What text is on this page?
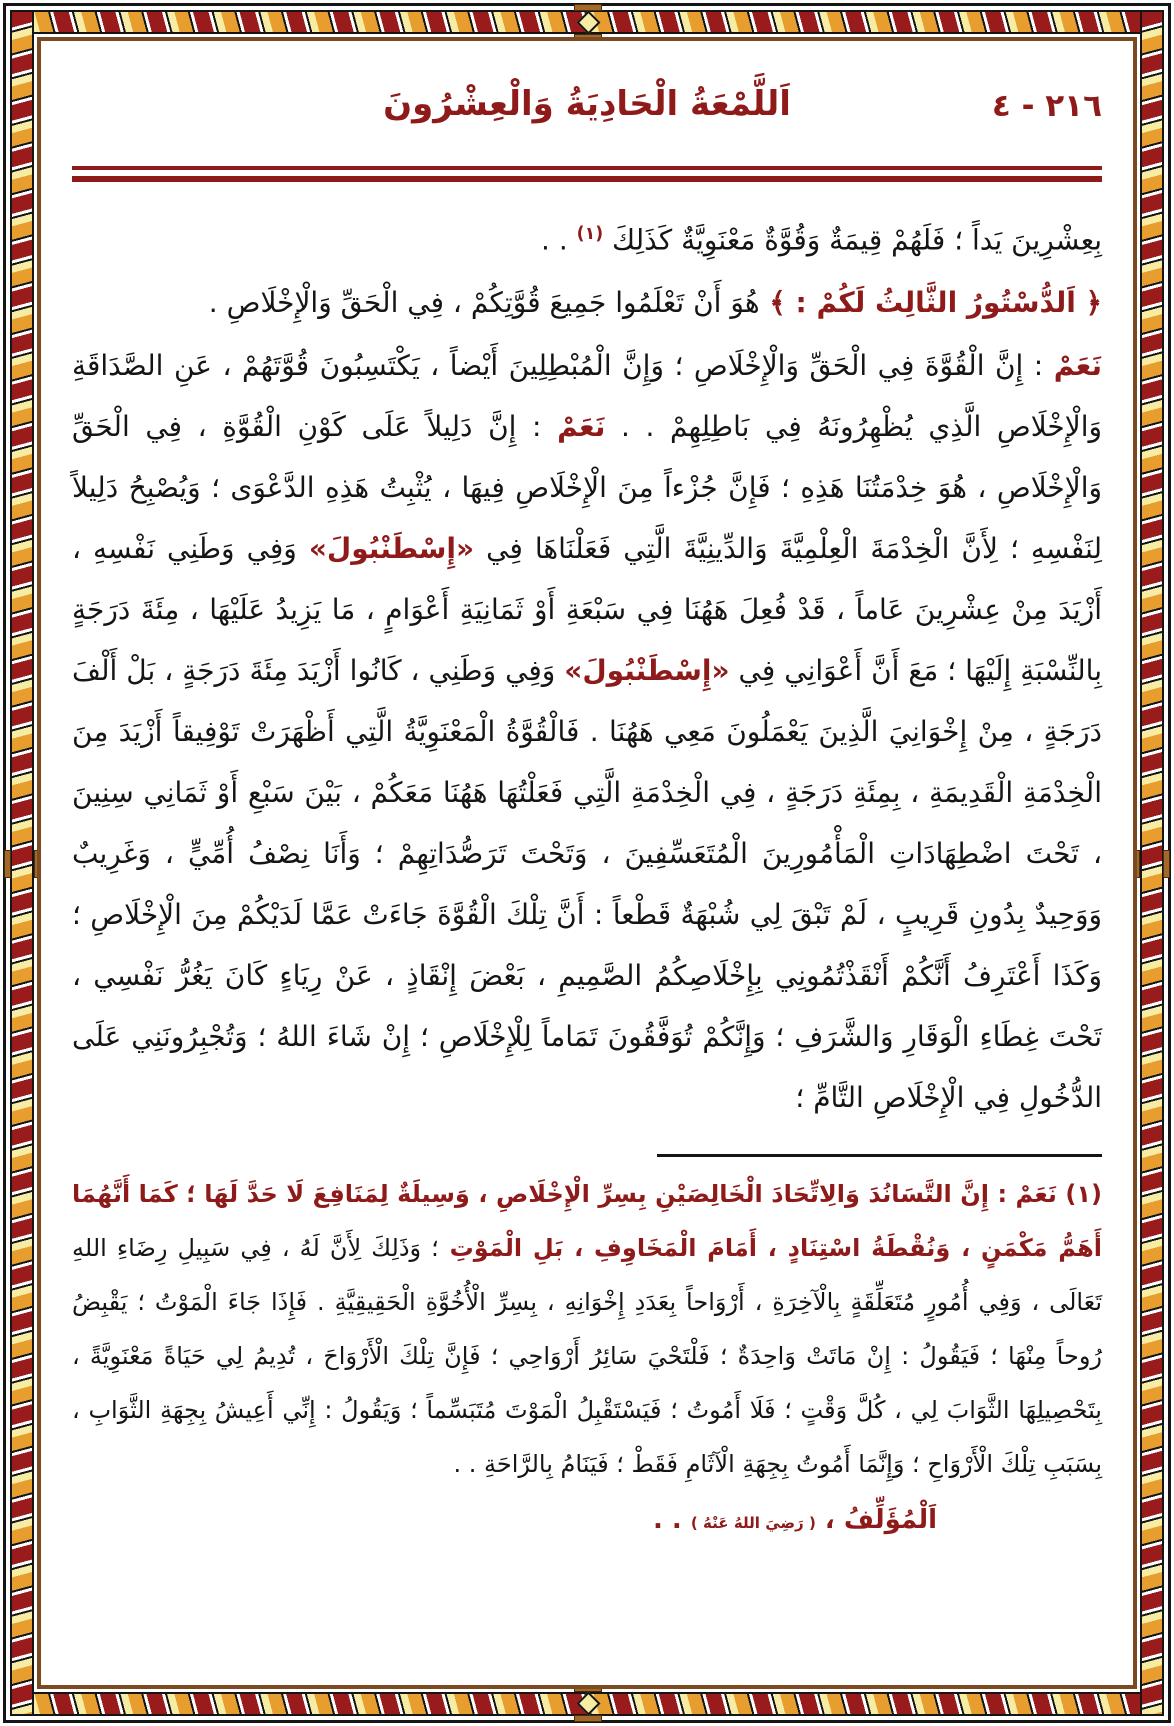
٢١٦ - ٤
اَللَّمْعَةُ الْحَادِيَةُ وَالْعِشْرُونَ
بِعِشْرِينَ يَداً ؛ فَلَهُمْ قِيمَةٌ وَقُوَّةٌ مَعْنَوِيَّةٌ كَذَلِكَ $^{(١)}$ . .
﴿ اَلدُّسْتُورُ الثَّالِثُ لَكُمْ : ﴾ هُوَ أَنْ تَعْلَمُوا جَمِيعَ قُوَّتِكُمْ ، فِي الْحَقِّ وَالْإِخْلَاصِ .
نَعَمْ : إِنَّ الْقُوَّةَ فِي الْحَقِّ وَالْإِخْلَاصِ ؛ وَإِنَّ الْمُبْطِلِينَ أَيْضاً ، يَكْتَسِبُونَ قُوَّتَهُمْ ، عَنِ الصَّدَاقَةِ وَالْإِخْلَاصِ الَّذِي يُظْهِرُونَهُ فِي بَاطِلِهِمْ . . نَعَمْ : إِنَّ دَلِيلاً عَلَى كَوْنِ الْقُوَّةِ ، فِي الْحَقِّ وَالْإِخْلَاصِ ، هُوَ خِدْمَتُنَا هَذِهِ ؛ فَإِنَّ جُزْءاً مِنَ الْإِخْلَاصِ فِيهَا ، يُثْبِتُ هَذِهِ الدَّعْوَى ؛ وَيُصْبِحُ دَلِيلاً لِنَفْسِهِ ؛ لِأَنَّ الْخِدْمَةَ الْعِلْمِيَّةَ وَالدِّينِيَّةَ الَّتِي فَعَلْنَاهَا فِي «إِسْطَنْبُولَ» وَفِي وَطَنِي نَفْسِهِ ، أَزْيَدَ مِنْ عِشْرِينَ عَاماً ، قَدْ فُعِلَ هَهُنَا فِي سَبْعَةِ أَوْ ثَمَانِيَةِ أَعْوَامٍ ، مَا يَزِيدُ عَلَيْهَا ، مِئَةَ دَرَجَةٍ بِالنِّسْبَةِ إِلَيْهَا ؛ مَعَ أَنَّ أَعْوَانِي فِي «إِسْطَنْبُولَ» وَفِي وَطَنِي ، كَانُوا أَزْيَدَ مِئَةَ دَرَجَةٍ ، بَلْ أَلْفَ دَرَجَةٍ ، مِنْ إِخْوَانِيَ الَّذِينَ يَعْمَلُونَ مَعِي هَهُنَا . فَالْقُوَّةُ الْمَعْنَوِيَّةُ الَّتِي أَظْهَرَتْ تَوْفِيقاً أَزْيَدَ مِنَ الْخِدْمَةِ الْقَدِيمَةِ ، بِمِئَةِ دَرَجَةٍ ، فِي الْخِدْمَةِ الَّتِي فَعَلْتُهَا هَهُنَا مَعَكُمْ ، بَيْنَ سَبْعِ أَوْ ثَمَانِي سِنِينَ ، تَحْتَ اضْطِهَادَاتِ الْمَأْمُورِينَ الْمُتَعَسِّفِينَ ، وَتَحْتَ تَرَصُّدَاتِهِمْ ؛ وَأَنَا نِصْفُ أُمِّيٍّ ، وَغَرِيبٌ وَوَحِيدٌ بِدُونِ قَرِيبٍ ، لَمْ تَبْقَ لِي شُبْهَةٌ قَطْعاً : أَنَّ تِلْكَ الْقُوَّةَ جَاءَتْ عَمَّا لَدَيْكُمْ مِنَ الْإِخْلَاصِ ؛ وَكَذَا أَعْتَرِفُ أَنَّكُمْ أَنْقَذْتُمُونِي بِإِخْلَاصِكُمُ الصَّمِيمِ ، بَعْضَ إِنْقَاذٍ ، عَنْ رِيَاءٍ كَانَ يَغُرُّ نَفْسِي ، تَحْتَ غِطَاءِ الْوَقَارِ وَالشَّرَفِ ؛ وَإِنَّكُمْ تُوَفَّقُونَ تَمَاماً لِلْإِخْلَاصِ ؛ إِنْ شَاءَ اللهُ ؛ وَتُجْبِرُونَنِي عَلَى الدُّخُولِ فِي الْإِخْلَاصِ التَّامِّ ؛
(١) نَعَمْ : إِنَّ التَّسَانُدَ وَالِاتِّحَادَ الْخَالِصَيْنِ بِسِرِّ الْإِخْلَاصِ ، وَسِيلَةٌ لِمَنَافِعَ لَا حَدَّ لَهَا ؛ كَمَا أَنَّهُمَا أَهَمُّ مَكْمَنٍ ، وَنُقْطَةُ اسْتِنَادٍ ، أَمَامَ الْمَخَاوِفِ ، بَلِ الْمَوْتِ ؛ وَذَلِكَ لِأَنَّ لَهُ ، فِي سَبِيلِ رِضَاءِ اللهِ تَعَالَى ، وَفِي أُمُورٍ مُتَعَلِّقَةٍ بِالْآخِرَةِ ، أَرْوَاحاً بِعَدَدِ إِخْوَانِهِ ، بِسِرِّ الْأُخُوَّةِ الْحَقِيقِيَّةِ . فَإِذَا جَاءَ الْمَوْتُ ؛ يَقْبِضُ رُوحاً مِنْهَا ؛ فَيَقُولُ : إِنْ مَاتَتْ وَاحِدَةٌ ؛ فَلْتَحْيَ سَائِرُ أَرْوَاحِي ؛ فَإِنَّ تِلْكَ الْأَرْوَاحَ ، تُدِيمُ لِي حَيَاةً مَعْنَوِيَّةً ، بِتَحْصِيلِهَا الثَّوَابَ لِي ، كُلَّ وَقْتٍ ؛ فَلَا أَمُوتُ ؛ فَيَسْتَقْبِلُ الْمَوْتَ مُتَبَسِّماً ؛ وَيَقُولُ : إِنِّي أَعِيشُ بِجِهَةِ الثَّوَابِ ، بِسَبَبِ تِلْكَ الْأَرْوَاحِ ؛ وَإِنَّمَا أَمُوتُ بِجِهَةِ الْآثَامِ فَقَطْ ؛ فَيَنَامُ بِالرَّاحَةِ . .
اَلْمُؤَلِّفُ ، ( رَضِيَ اللهُ عَنْهُ ) . .
